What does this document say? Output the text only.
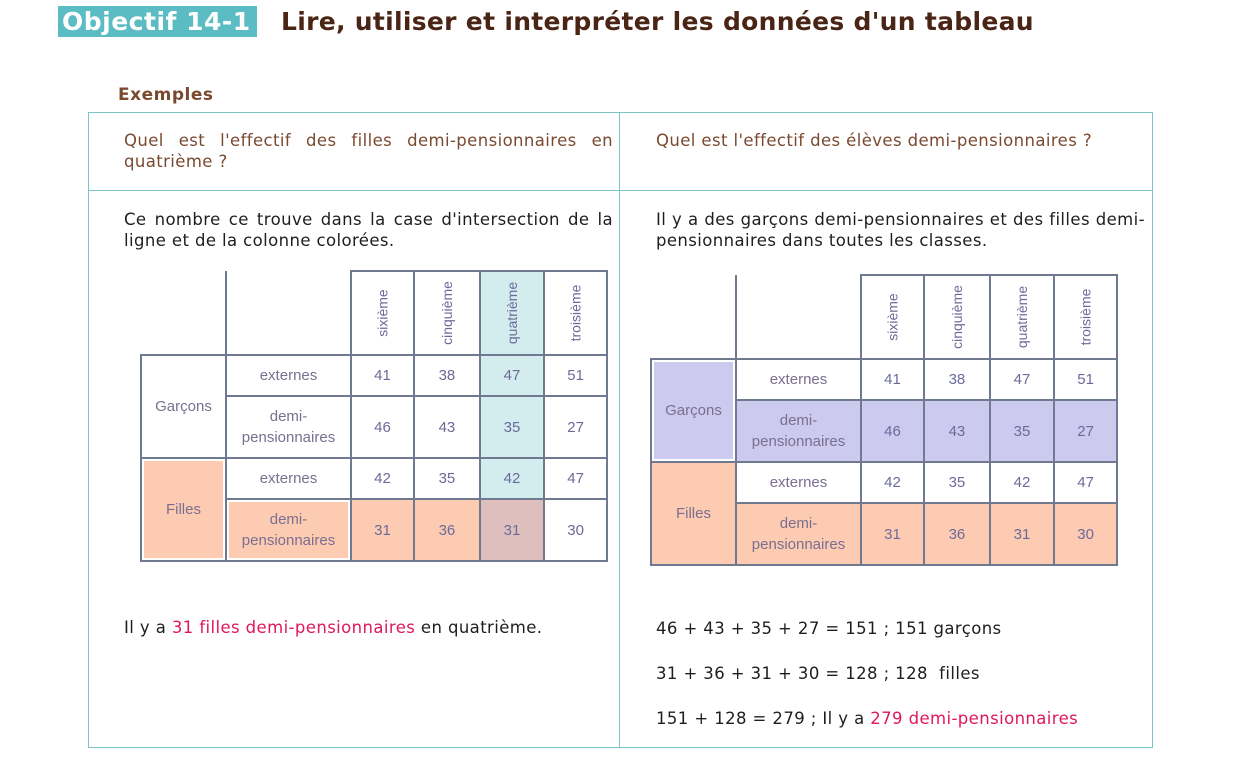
Objectif 14-1 Lire, utiliser et interpréter les données d'un tableau
Exemples
Quel est l'effectif des filles demi-pensionnaires en quatrième ?
Ce nombre ce trouve dans la case d'intersection de la ligne et de la colonne colorées.
		sixième	cinquième	quatrième	troisième
Garçons	externes	41	38	47	51
	demi-
pensionnaires	46	43	35	27

Filles	externes	42	35	42	47

demi-
pensionnaires	31	36	31	30
Il y a 31 filles demi-pensionnaires en quatrième.
Quel est l'effectif des élèves demi-pensionnaires ?
Il y a des garçons demi-pensionnaires et des filles demi-pensionnaires dans toutes les classes.
		sixième	cinquième	quatrième	troisième

Garçons	externes	41	38	47	51
	demi-
pensionnaires	46	43	35	27
Filles	externes	42	35	42	47
	demi-
pensionnaires	31	36	31	30
46 + 43 + 35 + 27 = 151 ; 151 garçons
31 + 36 + 31 + 30 = 128 ; 128  filles
151 + 128 = 279 ; Il y a 279 demi-pensionnaires
